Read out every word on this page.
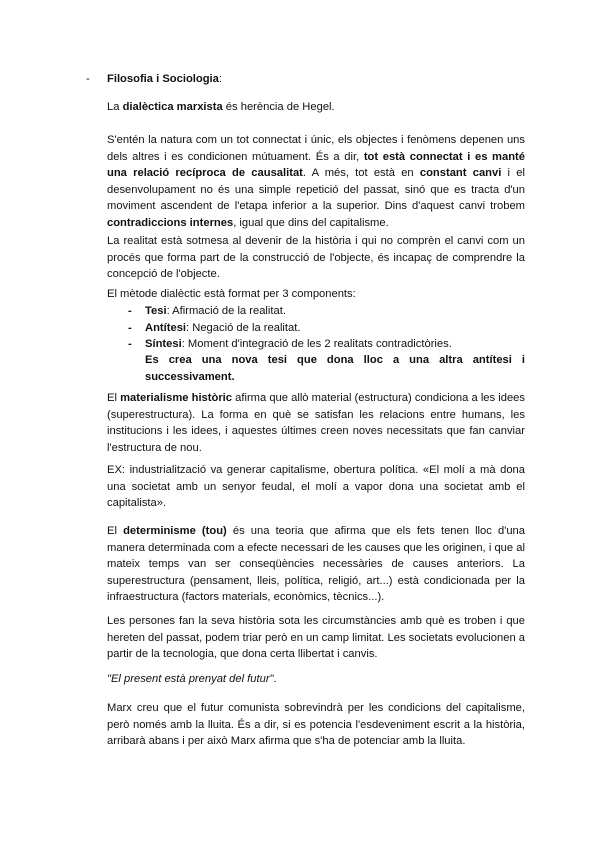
- Filosofia i Sociologia:

La dialèctica marxista és herència de Hegel.

S'entén la natura com un tot connectat i únic, els objectes i fenòmens depenen uns dels altres i es condicionen mútuament. És a dir, tot està connectat i es manté una relació recíproca de causalitat. A més, tot està en constant canvi i el desenvolupament no és una simple repetició del passat, sinó que es tracta d'un moviment ascendent de l'etapa inferior a la superior. Dins d'aquest canvi trobem contradiccions internes, igual que dins del capitalisme.

La realitat està sotmesa al devenir de la història i qui no comprèn el canvi com un procés que forma part de la construcció de l'objecte, és incapaç de comprendre la concepció de l'objecte.

El mètode dialèctic està format per 3 components:

- Tesi: Afirmació de la realitat.
- Antítesi: Negació de la realitat.
- Síntesi: Moment d'integració de les 2 realitats contradictòries.
Es crea una nova tesi que dona lloc a una altra antítesi i successivament.

El materialisme històric afirma que allò material (estructura) condiciona a les idees (superestructura). La forma en què se satisfan les relacions entre humans, les institucions i les idees, i aquestes últimes creen noves necessitats que fan canviar l'estructura de nou.

EX: industrialització va generar capitalisme, obertura política. «El molí a mà dona una societat amb un senyor feudal, el molí a vapor dona una societat amb el capitalista».

El determinisme (tou) és una teoria que afirma que els fets tenen lloc d'una manera determinada com a efecte necessari de les causes que les originen, i que al mateix temps van ser conseqüències necessàries de causes anteriors. La superestructura (pensament, lleis, política, religió, art...) està condicionada per la infraestructura (factors materials, econòmics, tècnics...).

Les persones fan la seva història sota les circumstàncies amb què es troben i que hereten del passat, podem triar però en un camp limitat. Les societats evolucionen a partir de la tecnologia, que dona certa llibertat i canvis.

"El present està prenyat del futur".

Marx creu que el futur comunista sobrevindrà per les condicions del capitalisme, però només amb la lluita. És a dir, si es potencia l'esdeveniment escrit a la història, arribarà abans i per això Marx afirma que s'ha de potenciar amb la lluita.
